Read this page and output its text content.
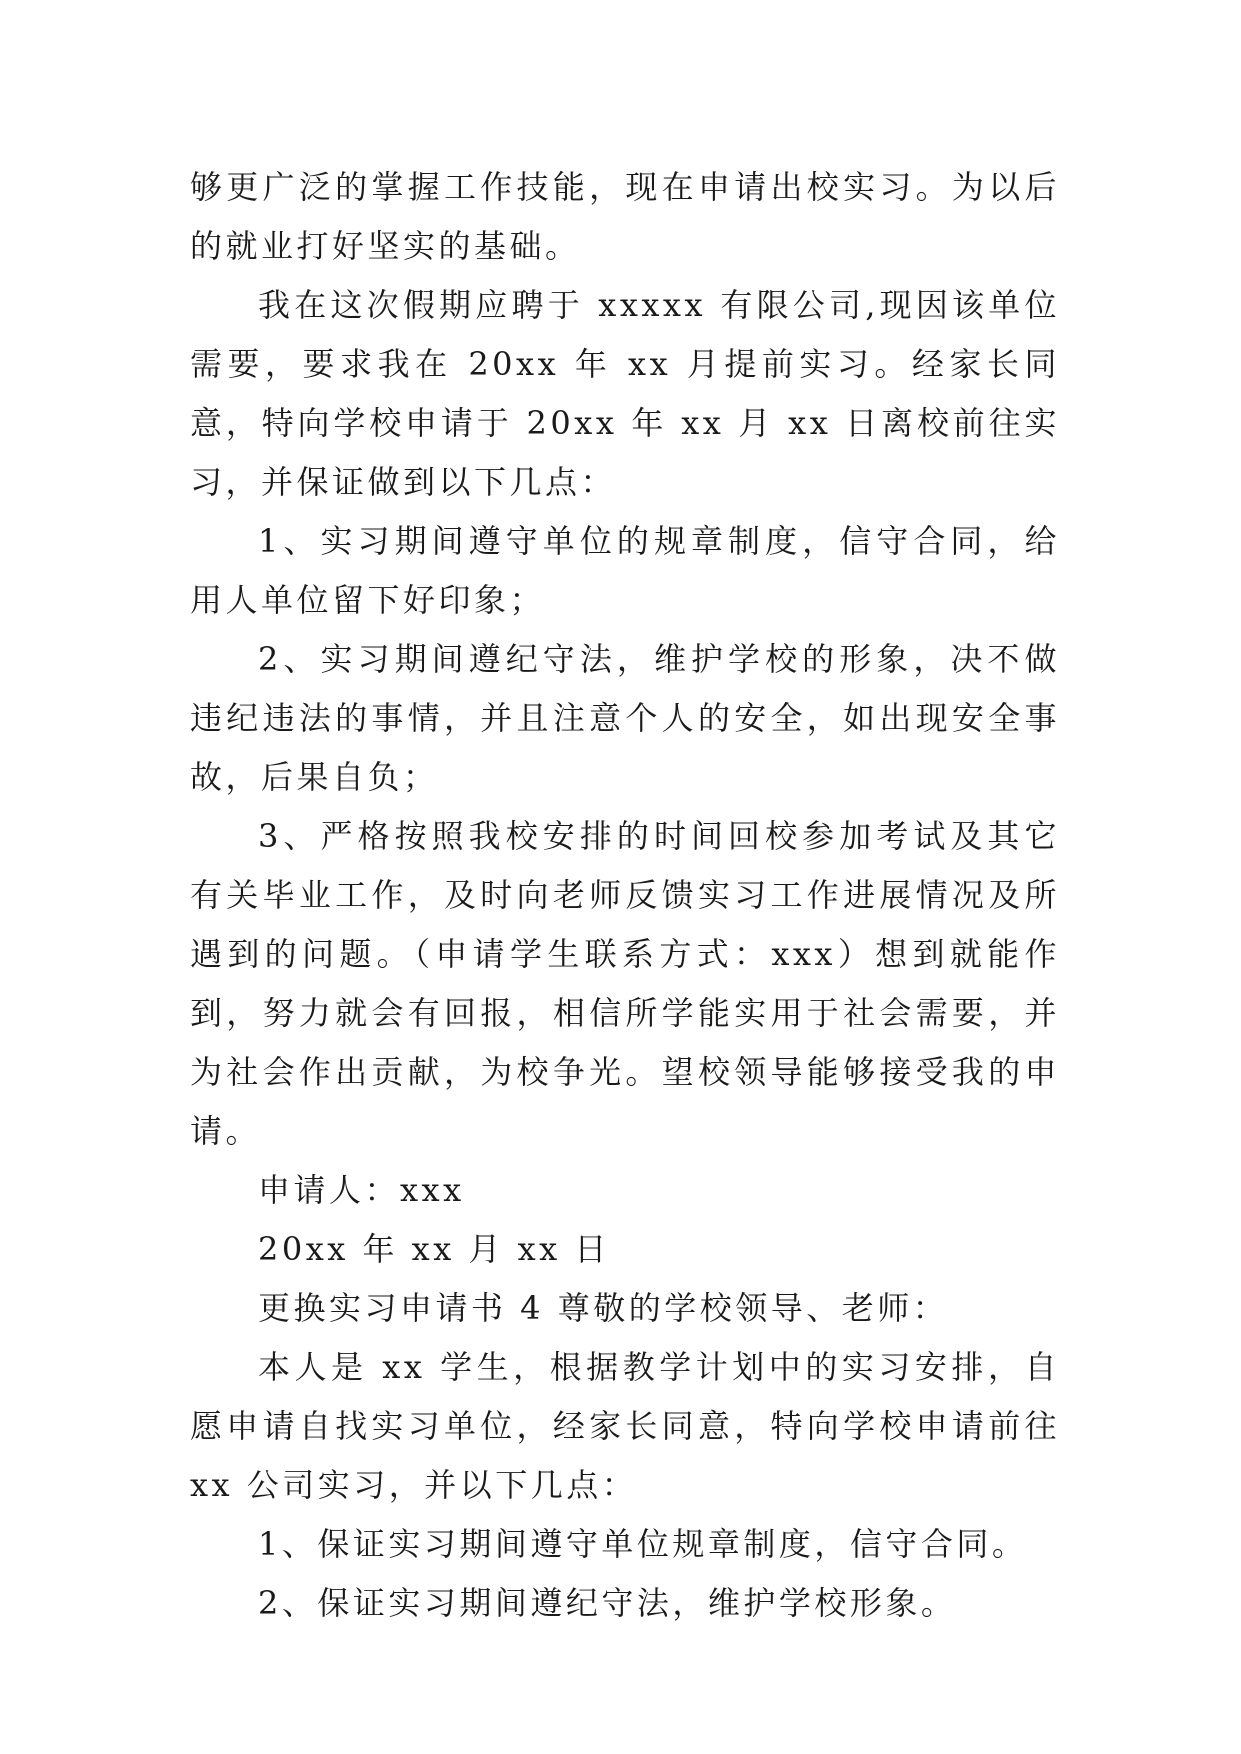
够更广泛的掌握工作技能，现在申请出校实习。为以后的就业打好坚实的基础。

我在这次假期应聘于 xxxxx 有限公司,现因该单位需要，要求我在 20xx 年 xx 月提前实习。经家长同意，特向学校申请于 20xx 年 xx 月 xx 日离校前往实习，并保证做到以下几点：

1、实习期间遵守单位的规章制度，信守合同，给用人单位留下好印象；

2、实习期间遵纪守法，维护学校的形象，决不做违纪违法的事情，并且注意个人的安全，如出现安全事故，后果自负；

3、严格按照我校安排的时间回校参加考试及其它有关毕业工作，及时向老师反馈实习工作进展情况及所遇到的问题。（申请学生联系方式：xxx）想到就能作到，努力就会有回报，相信所学能实用于社会需要，并为社会作出贡献，为校争光。望校领导能够接受我的申请。

申请人：xxx

20xx 年 xx 月 xx 日

更换实习申请书 4 尊敬的学校领导、老师：

本人是 xx 学生，根据教学计划中的实习安排，自愿申请自找实习单位，经家长同意，特向学校申请前往 xx 公司实习，并以下几点：

1、保证实习期间遵守单位规章制度，信守合同。

2、保证实习期间遵纪守法，维护学校形象。
